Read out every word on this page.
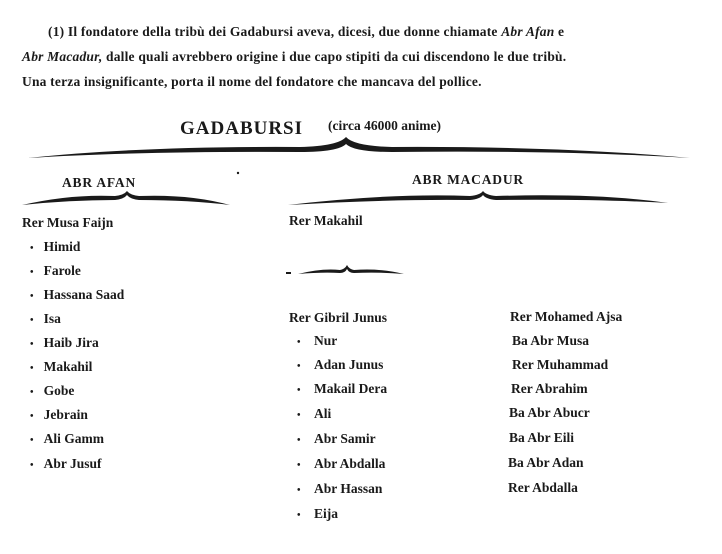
(1) Il fondatore della tribù dei Gadabursi aveva, dicesi, due donne chiamate Abr Afan e
Abr Macadur, dalle quali avrebbero origine i due capo stipiti da cui discendono le due tribù.
Una terza insignificante, porta il nome del fondatore che mancava del pollice.
GADABURSI (circa 46000 anime)
ABR AFAN	ABR MACADUR
Rer Musa Faijn
• Himid
• Farole
• Hassana Saad
• Isa
• Haib Jira
• Makahil
• Gobe
• Jebrain
• Ali Gamm
• Abr Jusuf
Rer Makahil
Rer Gibril Junus
• Nur
• Adan Junus
• Makail Dera
• Ali
• Abr Samir
• Abr Abdalla
• Abr Hassan
• Eija
Rer Mohamed Ajsa
Ba Abr Musa
Rer Muhammad
Rer Abrahim
Ba Abr Abucr
Ba Abr Eili
Ba Abr Adan
Rer Abdalla
